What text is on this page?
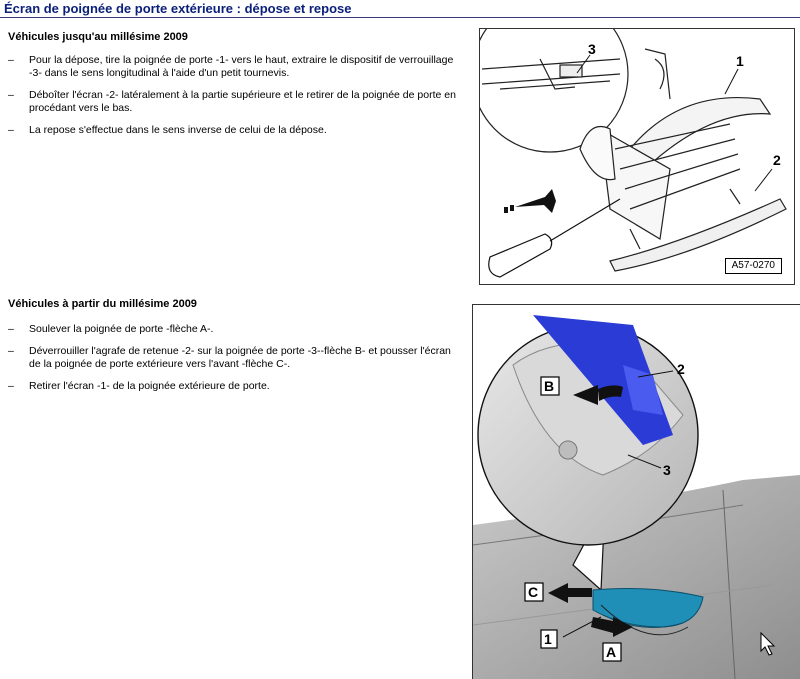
Écran de poignée de porte extérieure : dépose et repose
Véhicules jusqu'au millésime 2009
– Pour la dépose, tire la poignée de porte -1- vers le haut, extraire le dispositif de verrouillage -3- dans le sens longitudinal à l'aide d'un petit tournevis.
– Déboîter l'écran -2- latéralement à la partie supérieure et le retirer de la poignée de porte en procédant vers le bas.
– La repose s'effectue dans le sens inverse de celui de la dépose.
1
2
3
A57-0270
Véhicules à partir du millésime 2009
– Soulever la poignée de porte -flèche A-.
– Déverrouiller l'agrafe de retenue -2- sur la poignée de porte -3--flèche B- et pousser l'écran de la poignée de porte extérieure vers l'avant -flèche C-.
– Retirer l'écran -1- de la poignée extérieure de porte.
2
3
1
B
C
A
